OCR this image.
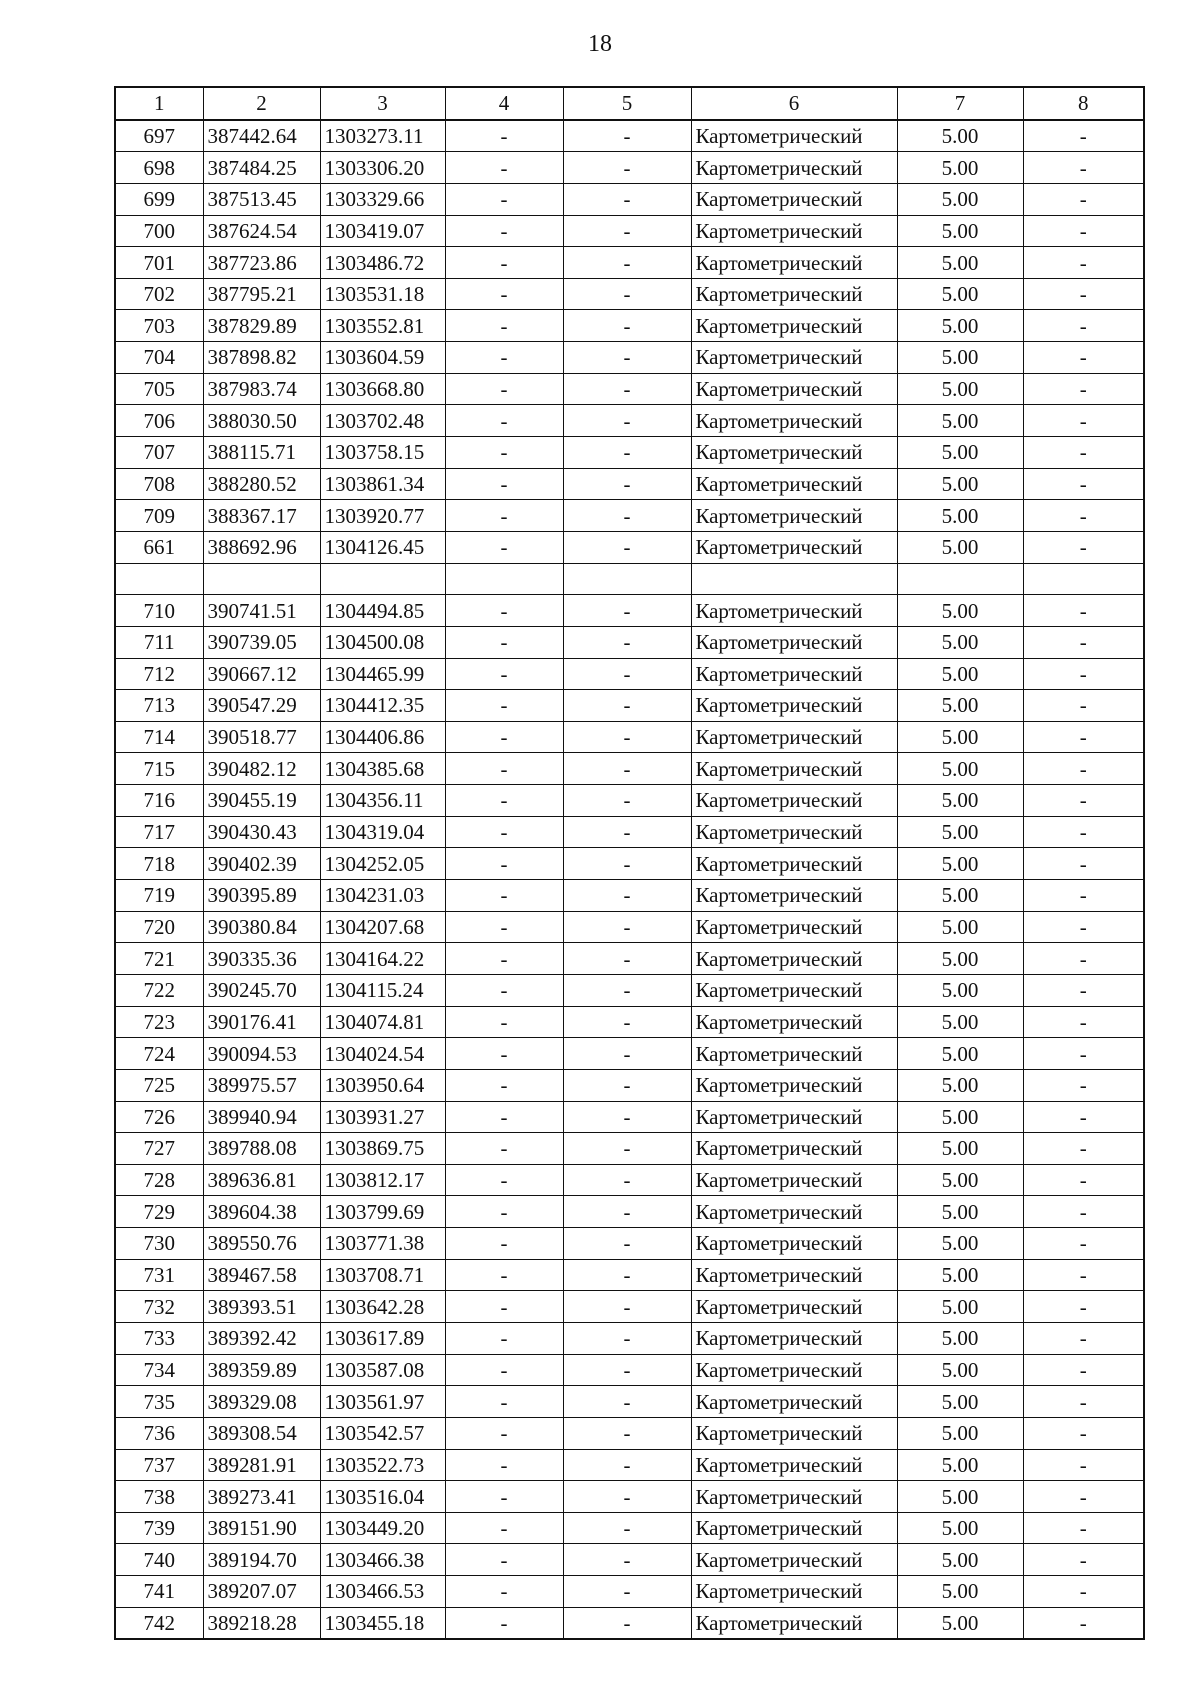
18
1	2	3	4	5	6	7	8
697	387442.64	1303273.11	-	-	Картометрический	5.00	-
698	387484.25	1303306.20	-	-	Картометрический	5.00	-
699	387513.45	1303329.66	-	-	Картометрический	5.00	-
700	387624.54	1303419.07	-	-	Картометрический	5.00	-
701	387723.86	1303486.72	-	-	Картометрический	5.00	-
702	387795.21	1303531.18	-	-	Картометрический	5.00	-
703	387829.89	1303552.81	-	-	Картометрический	5.00	-
704	387898.82	1303604.59	-	-	Картометрический	5.00	-
705	387983.74	1303668.80	-	-	Картометрический	5.00	-
706	388030.50	1303702.48	-	-	Картометрический	5.00	-
707	388115.71	1303758.15	-	-	Картометрический	5.00	-
708	388280.52	1303861.34	-	-	Картометрический	5.00	-
709	388367.17	1303920.77	-	-	Картометрический	5.00	-
661	388692.96	1304126.45	-	-	Картометрический	5.00	-

710	390741.51	1304494.85	-	-	Картометрический	5.00	-
711	390739.05	1304500.08	-	-	Картометрический	5.00	-
712	390667.12	1304465.99	-	-	Картометрический	5.00	-
713	390547.29	1304412.35	-	-	Картометрический	5.00	-
714	390518.77	1304406.86	-	-	Картометрический	5.00	-
715	390482.12	1304385.68	-	-	Картометрический	5.00	-
716	390455.19	1304356.11	-	-	Картометрический	5.00	-
717	390430.43	1304319.04	-	-	Картометрический	5.00	-
718	390402.39	1304252.05	-	-	Картометрический	5.00	-
719	390395.89	1304231.03	-	-	Картометрический	5.00	-
720	390380.84	1304207.68	-	-	Картометрический	5.00	-
721	390335.36	1304164.22	-	-	Картометрический	5.00	-
722	390245.70	1304115.24	-	-	Картометрический	5.00	-
723	390176.41	1304074.81	-	-	Картометрический	5.00	-
724	390094.53	1304024.54	-	-	Картометрический	5.00	-
725	389975.57	1303950.64	-	-	Картометрический	5.00	-
726	389940.94	1303931.27	-	-	Картометрический	5.00	-
727	389788.08	1303869.75	-	-	Картометрический	5.00	-
728	389636.81	1303812.17	-	-	Картометрический	5.00	-
729	389604.38	1303799.69	-	-	Картометрический	5.00	-
730	389550.76	1303771.38	-	-	Картометрический	5.00	-
731	389467.58	1303708.71	-	-	Картометрический	5.00	-
732	389393.51	1303642.28	-	-	Картометрический	5.00	-
733	389392.42	1303617.89	-	-	Картометрический	5.00	-
734	389359.89	1303587.08	-	-	Картометрический	5.00	-
735	389329.08	1303561.97	-	-	Картометрический	5.00	-
736	389308.54	1303542.57	-	-	Картометрический	5.00	-
737	389281.91	1303522.73	-	-	Картометрический	5.00	-
738	389273.41	1303516.04	-	-	Картометрический	5.00	-
739	389151.90	1303449.20	-	-	Картометрический	5.00	-
740	389194.70	1303466.38	-	-	Картометрический	5.00	-
741	389207.07	1303466.53	-	-	Картометрический	5.00	-
742	389218.28	1303455.18	-	-	Картометрический	5.00	-
